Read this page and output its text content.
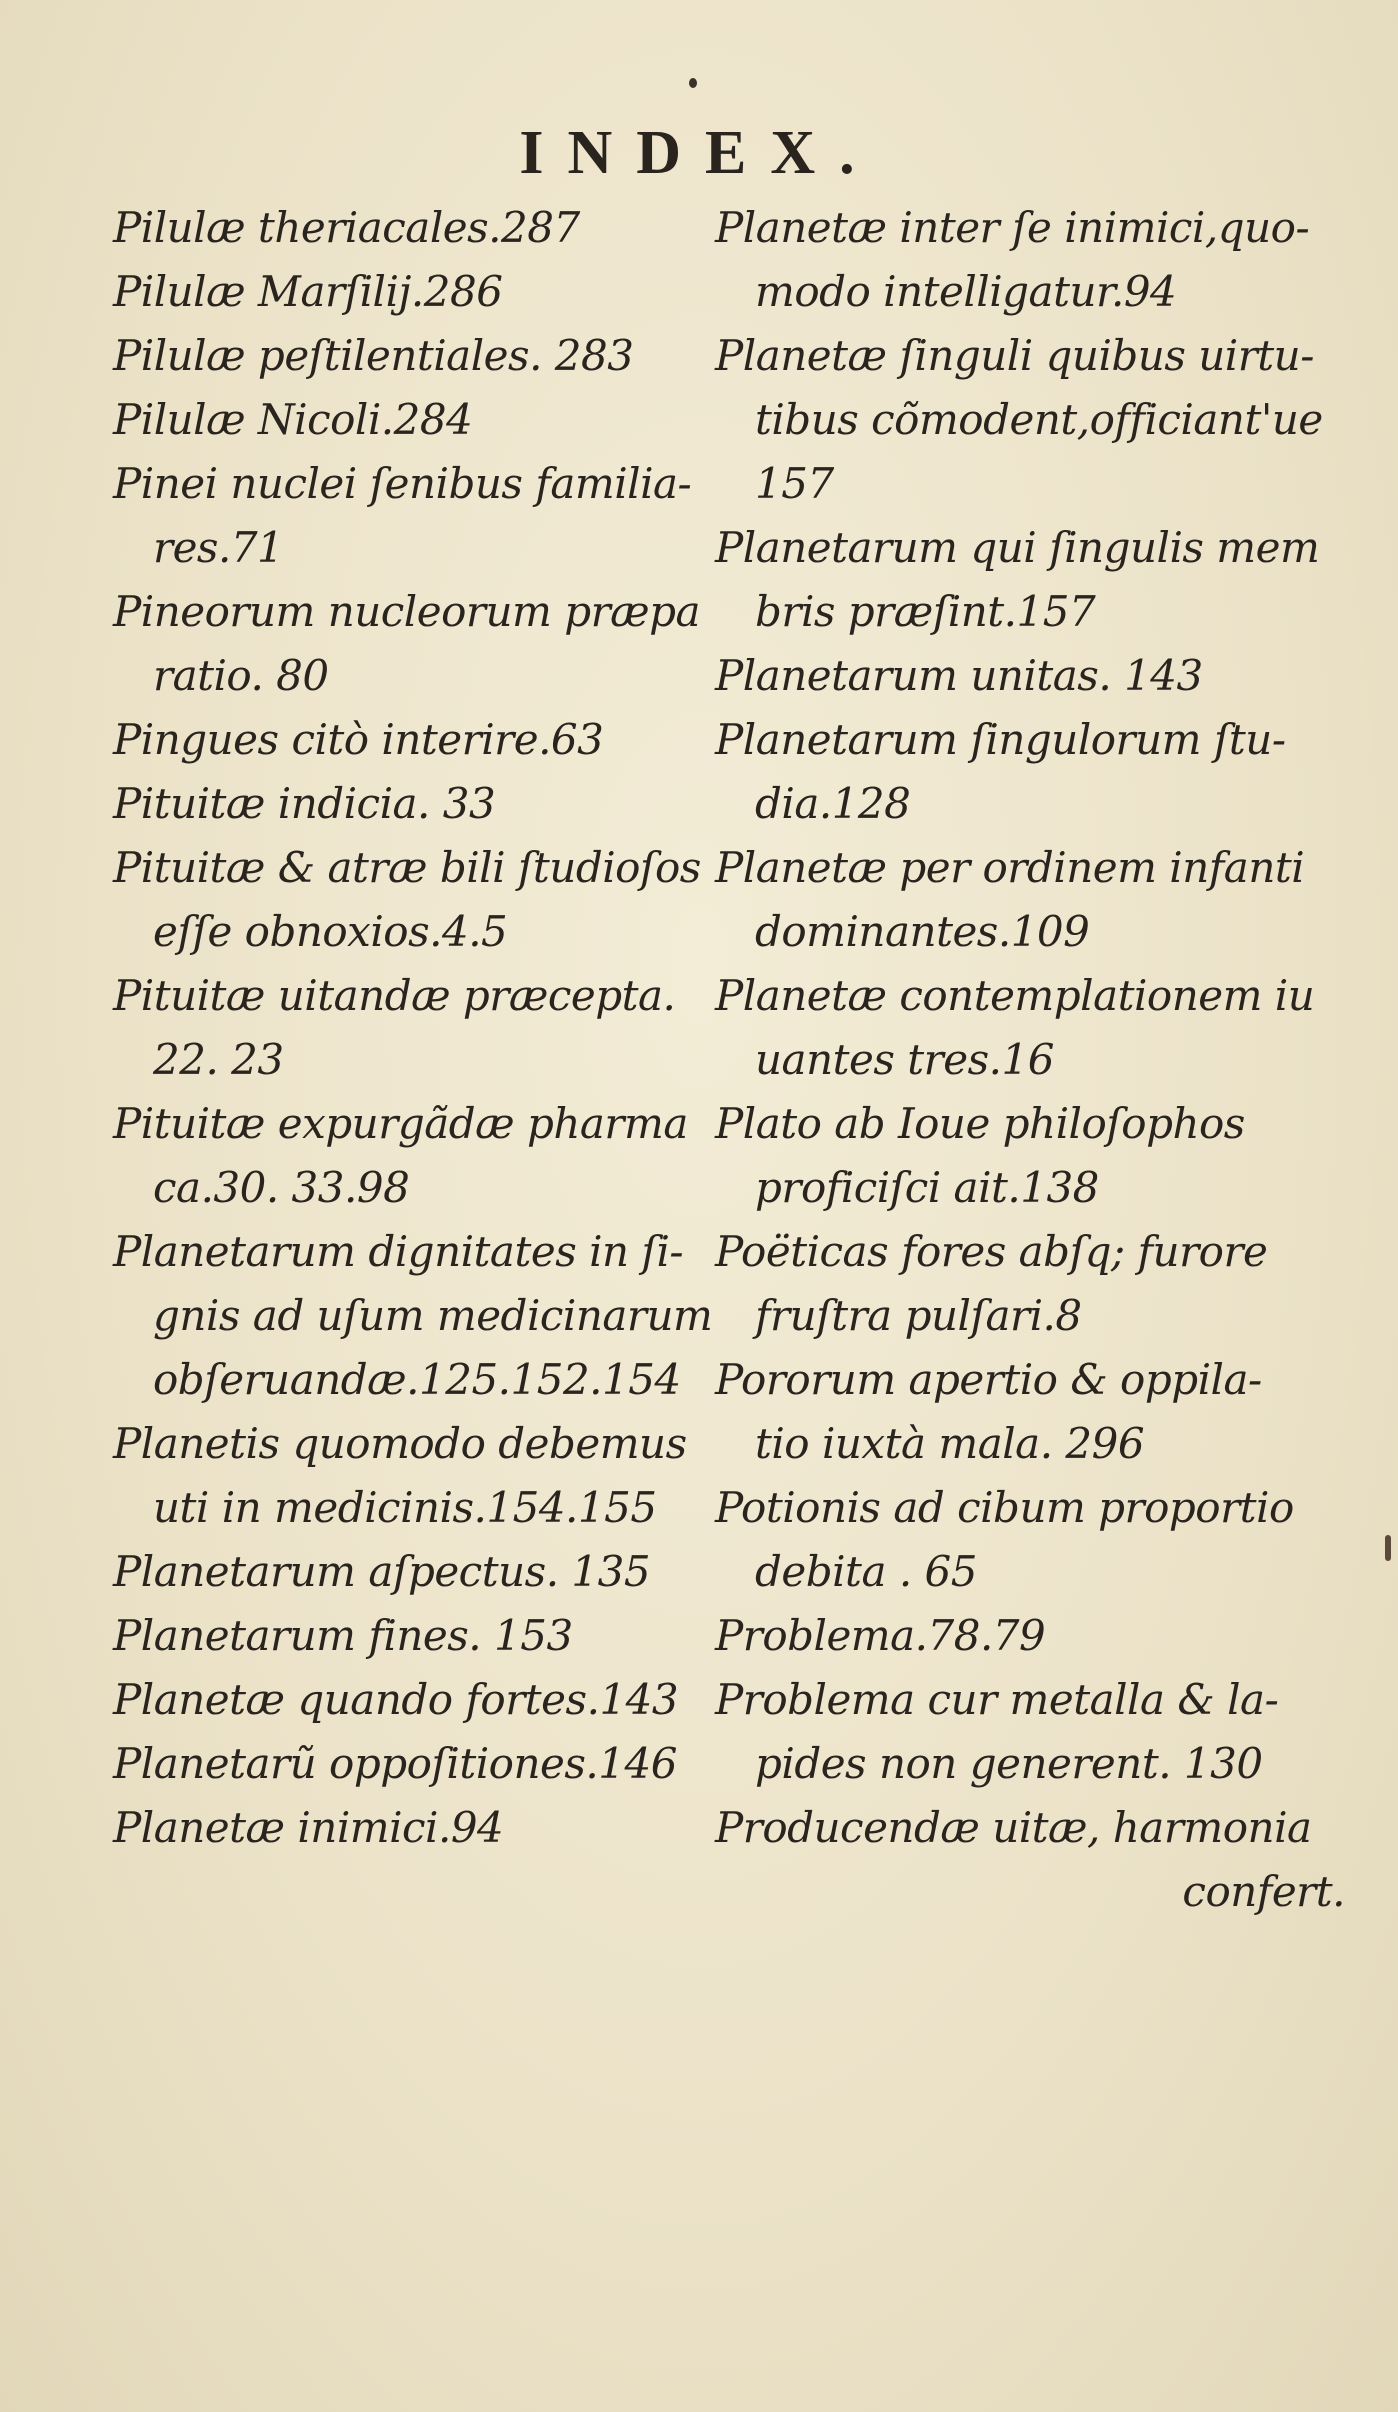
INDEX.
Pilulæ theriacales.287
Pilulæ Marſilij.286
Pilulæ peſtilentiales. 283
Pilulæ Nicoli.284
Pinei nuclei ſenibus familia-
res.71
Pineorum nucleorum præpa
ratio. 80
Pingues citò interire.63
Pituitæ indicia. 33
Pituitæ & atræ bili ſtudioſos
eſſe obnoxios.4.5
Pituitæ uitandæ præcepta.
22. 23
Pituitæ expurgãdæ pharma
ca.30. 33.98
Planetarum dignitates in ſi-
gnis ad uſum medicinarum
obſeruandæ.125.152.154
Planetis quomodo debemus
uti in medicinis.154.155
Planetarum aſpectus. 135
Planetarum fines. 153
Planetæ quando fortes.143
Planetarũ oppoſitiones.146
Planetæ inimici.94
Planetæ inter ſe inimici,quo-
modo intelligatur.94
Planetæ ſinguli quibus uirtu-
tibus cõmodent,officiant'ue
157
Planetarum qui ſingulis mem
bris præſint.157
Planetarum unitas. 143
Planetarum ſingulorum ſtu-
dia.128
Planetæ per ordinem infanti
dominantes.109
Planetæ contemplationem iu
uantes tres.16
Plato ab Ioue philoſophos
proficiſci ait.138
Poëticas fores abſq; furore
fruſtra pulſari.8
Pororum apertio & oppila-
tio iuxtà mala. 296
Potionis ad cibum proportio
debita . 65
Problema.78.79
Problema cur metalla & la-
pides non generent. 130
Producendæ uitæ, harmonia
confert.
